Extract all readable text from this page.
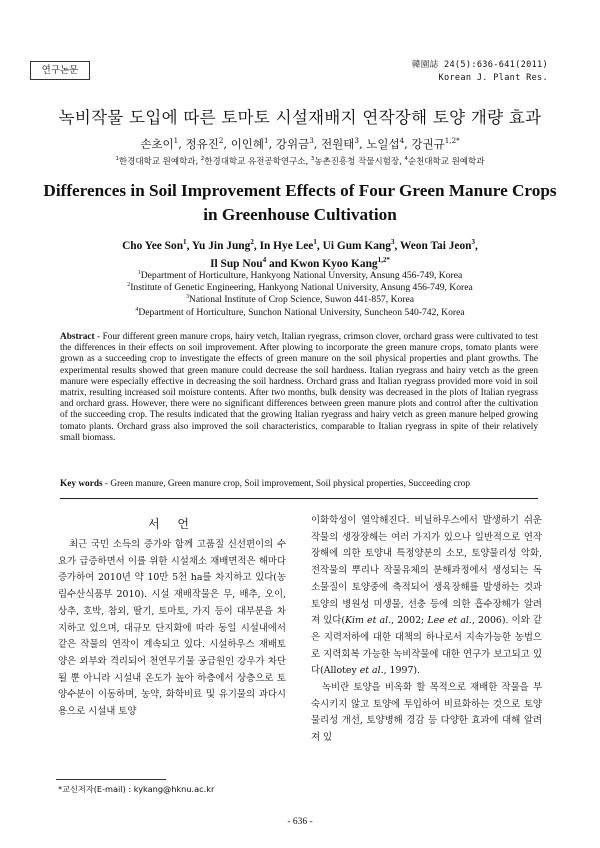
연구논문	韓園誌 24(5):636-641(2011)
Korean J. Plant Res.
녹비작물 도입에 따른 토마토 시설재배지 연작장해 토양 개량 효과
손초이$^1$, 정유진$^2$, 이인혜$^1$, 강위금$^3$, 전원태$^3$, 노일섭$^4$, 강권규$^{1,2*}$
$^1$한경대학교 원예학과, $^2$한경대학교 유전공학연구소, $^3$농촌진흥청 작물시험장, $^4$순천대학교 원예학과
Differences in Soil Improvement Effects of Four Green Manure Crops
in Greenhouse Cultivation
Cho Yee Son$^1$, Yu Jin Jung$^2$, In Hye Lee$^1$, Ui Gum Kang$^3$, Weon Tai Jeon$^3$,
Il Sup Nou$^4$ and Kwon Kyoo Kang$^{1,2*}$
$^1$Department of Horticulture, Hankyong National Unversity, Ansung 456-749, Korea
$^2$Institute of Genetic Engineering, Hankyong National University, Ansung 456-749, Korea
$^3$National Institute of Crop Science, Suwon 441-857, Korea
$^4$Department of Horticulture, Sunchon National University, Suncheon 540-742, Korea
Abstract - Four different green manure crops, hairy vetch, Italian ryegrass, crimson clover, orchard grass were cultivated to test the differences in their effects on soil improvement. After plowing to incorporate the green manure crops, tomato plants were grown as a succeeding crop to investigate the effects of green manure on the soil physical properties and plant growths. The experimental results showed that green manure could decrease the soil hardness. Italian ryegrass and hairy vetch as the green manure were especially effective in decreasing the soil hardness. Orchard grass and Italian ryegrass provided more void in soil matrix, resulting increased soil moisture contents. After two months, bulk density was decreased in the plots of Italian ryegrass and orchard grass. However, there were no significant differences between green manure plots and control after the cultivation of the succeeding crop. The results indicated that the growing Italian ryegrass and hairy vetch as green manure helped growing tomato plants. Orchard grass also improved the soil characteristics, comparable to Italian ryegrass in spite of their relatively small biomass.
Key words - Green manure, Green manure crop, Soil improvement, Soil physical properties, Succeeding crop
서 언

최근 국민 소득의 증가와 함께 고품질 신선편이의 수요가 급증하면서 이를 위한 시설채소 재배면적은 해마다 증가하여 2010년 약 10만 5천 ha를 차지하고 있다(농림수산식품부 2010). 시설 재배작물은 무, 배추, 오이, 상추, 호박, 참외, 딸기, 토마토, 가지 등이 대부분을 차지하고 있으며, 대규모 단지화에 따라 동일 시설내에서 같은 작물의 연작이 계속되고 있다. 시설하우스 재배토양은 외부와 격리되어 천연무기물 공급원인 강우가 차단될 뿐 아니라 시설내 온도가 높아 하층에서 상층으로 토양수분이 이동하며, 농약, 화학비료 및 유기물의 과다시용으로 시설내 토양

이화학성이 열악해진다. 비닐하우스에서 발생하기 쉬운 작물의 생장장해는 여러 가지가 있으나 일반적으로 연작장해에 의한 토양내 특정양분의 소모, 토양물리성 악화, 전작물의 뿌리나 작물유체의 분해과정에서 생성되는 독소물질이 토양중에 축적되어 생육장해를 발생하는 것과 토양의 병원성 미생물, 선충 등에 의한 흡수장해가 알려져 있다(Kim et al., 2002; Lee et al., 2006). 이와 같은 지력저하에 대한 대책의 하나로서 지속가능한 농법으로 지력회복 가능한 녹비작물에 대한 연구가 보고되고 있다(Allotey et al., 1997).

녹비란 토양을 비옥화 할 목적으로 재배한 작물을 부숙시키지 않고 토양에 투입하여 비료화하는 것으로 토양물리성 개선, 토양병해 경감 등 다양한 효과에 대해 알려져 있

*교신저자(E-mail) : kykang@hknu.ac.kr
- 636 -
